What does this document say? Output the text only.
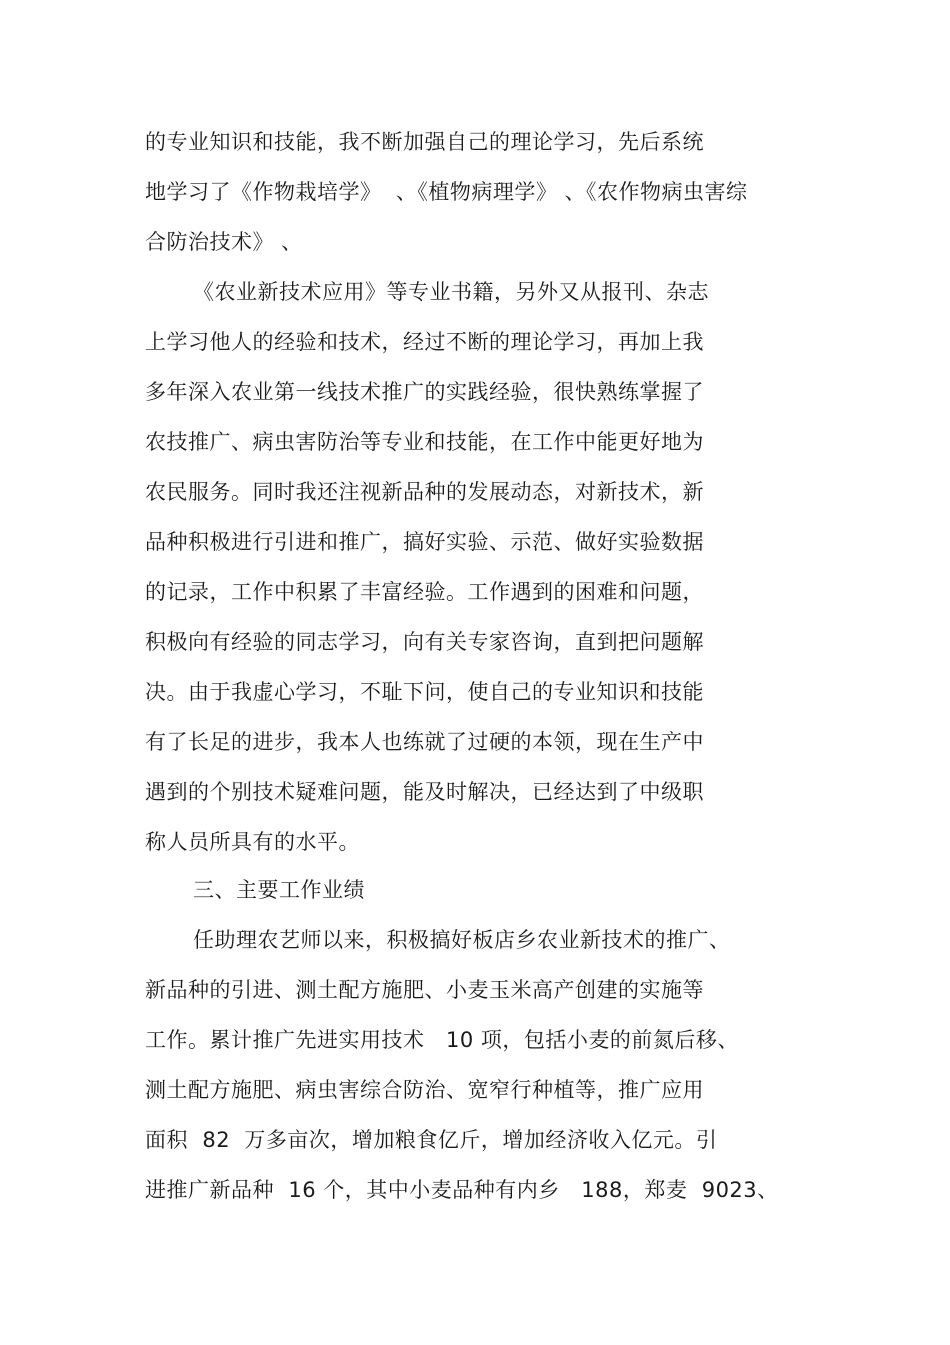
的专业知识和技能，我不断加强自己的理论学习，先后系统
地学习了《作物栽培学》  、《植物病理学》 、《农作物病虫害综
合防治技术》 、
《农业新技术应用》等专业书籍，另外又从报刊、杂志
上学习他人的经验和技术，经过不断的理论学习，再加上我
多年深入农业第一线技术推广的实践经验，很快熟练掌握了
农技推广、病虫害防治等专业和技能，在工作中能更好地为
农民服务。同时我还注视新品种的发展动态，对新技术，新
品种积极进行引进和推广，搞好实验、示范、做好实验数据
的记录，工作中积累了丰富经验。工作遇到的困难和问题，
积极向有经验的同志学习，向有关专家咨询，直到把问题解
决。由于我虚心学习，不耻下问，使自己的专业知识和技能
有了长足的进步，我本人也练就了过硬的本领，现在生产中
遇到的个别技术疑难问题，能及时解决，已经达到了中级职
称人员所具有的水平。
三、主要工作业绩
任助理农艺师以来，积极搞好板店乡农业新技术的推广、
新品种的引进、测土配方施肥、小麦玉米高产创建的实施等
工作。累计推广先进实用技术   10 项，包括小麦的前氮后移、
测土配方施肥、病虫害综合防治、宽窄行种植等，推广应用
面积  82  万多亩次，增加粮食亿斤，增加经济收入亿元。引
进推广新品种  16 个，其中小麦品种有内乡   188，郑麦  9023、
